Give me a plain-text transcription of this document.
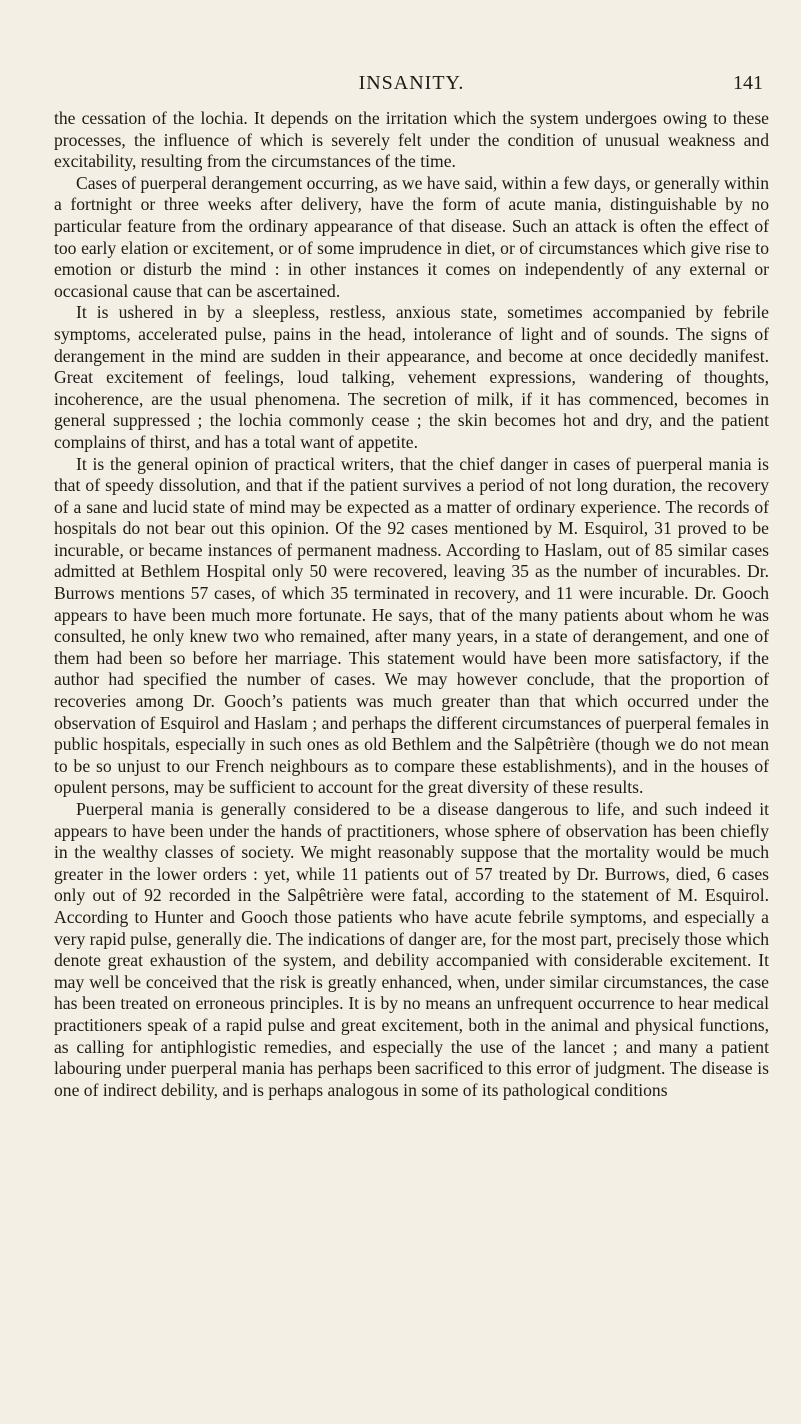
INSANITY.	141

the cessation of the lochia. It depends on the irritation which the system undergoes owing to these processes, the influence of which is severely felt under the condition of unusual weakness and excitability, resulting from the circumstances of the time.

Cases of puerperal derangement occurring, as we have said, within a few days, or generally within a fortnight or three weeks after delivery, have the form of acute mania, distinguishable by no particular feature from the ordinary appearance of that disease. Such an attack is often the effect of too early elation or excitement, or of some imprudence in diet, or of circumstances which give rise to emotion or disturb the mind : in other instances it comes on independently of any external or occasional cause that can be ascertained.

It is ushered in by a sleepless, restless, anxious state, sometimes accompanied by febrile symptoms, accelerated pulse, pains in the head, intolerance of light and of sounds. The signs of derangement in the mind are sudden in their appearance, and become at once decidedly manifest. Great excitement of feelings, loud talking, vehement expressions, wandering of thoughts, incoherence, are the usual phenomena. The secretion of milk, if it has commenced, becomes in general suppressed ; the lochia commonly cease ; the skin becomes hot and dry, and the patient complains of thirst, and has a total want of appetite.

It is the general opinion of practical writers, that the chief danger in cases of puerperal mania is that of speedy dissolution, and that if the patient survives a period of not long duration, the recovery of a sane and lucid state of mind may be expected as a matter of ordinary experience. The records of hospitals do not bear out this opinion. Of the 92 cases mentioned by M. Esquirol, 31 proved to be incurable, or became instances of permanent madness. According to Haslam, out of 85 similar cases admitted at Bethlem Hospital only 50 were recovered, leaving 35 as the number of incurables. Dr. Burrows mentions 57 cases, of which 35 terminated in recovery, and 11 were incurable. Dr. Gooch appears to have been much more fortunate. He says, that of the many patients about whom he was consulted, he only knew two who remained, after many years, in a state of derangement, and one of them had been so before her marriage. This statement would have been more satisfactory, if the author had specified the number of cases. We may however conclude, that the proportion of recoveries among Dr. Gooch’s patients was much greater than that which occurred under the observation of Esquirol and Haslam ; and perhaps the different circumstances of puerperal females in public hospitals, especially in such ones as old Bethlem and the Salpêtrière (though we do not mean to be so unjust to our French neighbours as to compare these establishments), and in the houses of opulent persons, may be sufficient to account for the great diversity of these results.

Puerperal mania is generally considered to be a disease dangerous to life, and such indeed it appears to have been under the hands of practitioners, whose sphere of observation has been chiefly in the wealthy classes of society. We might reasonably suppose that the mortality would be much greater in the lower orders : yet, while 11 patients out of 57 treated by Dr. Burrows, died, 6 cases only out of 92 recorded in the Salpêtrière were fatal, according to the statement of M. Esquirol. According to Hunter and Gooch those patients who have acute febrile symptoms, and especially a very rapid pulse, generally die. The indications of danger are, for the most part, precisely those which denote great exhaustion of the system, and debility accompanied with considerable excitement. It may well be conceived that the risk is greatly enhanced, when, under similar circumstances, the case has been treated on erroneous principles. It is by no means an unfrequent occurrence to hear medical practitioners speak of a rapid pulse and great excitement, both in the animal and physical functions, as calling for antiphlogistic remedies, and especially the use of the lancet ; and many a patient labouring under puerperal mania has perhaps been sacrificed to this error of judgment. The disease is one of indirect debility, and is perhaps analogous in some of its pathological conditions
